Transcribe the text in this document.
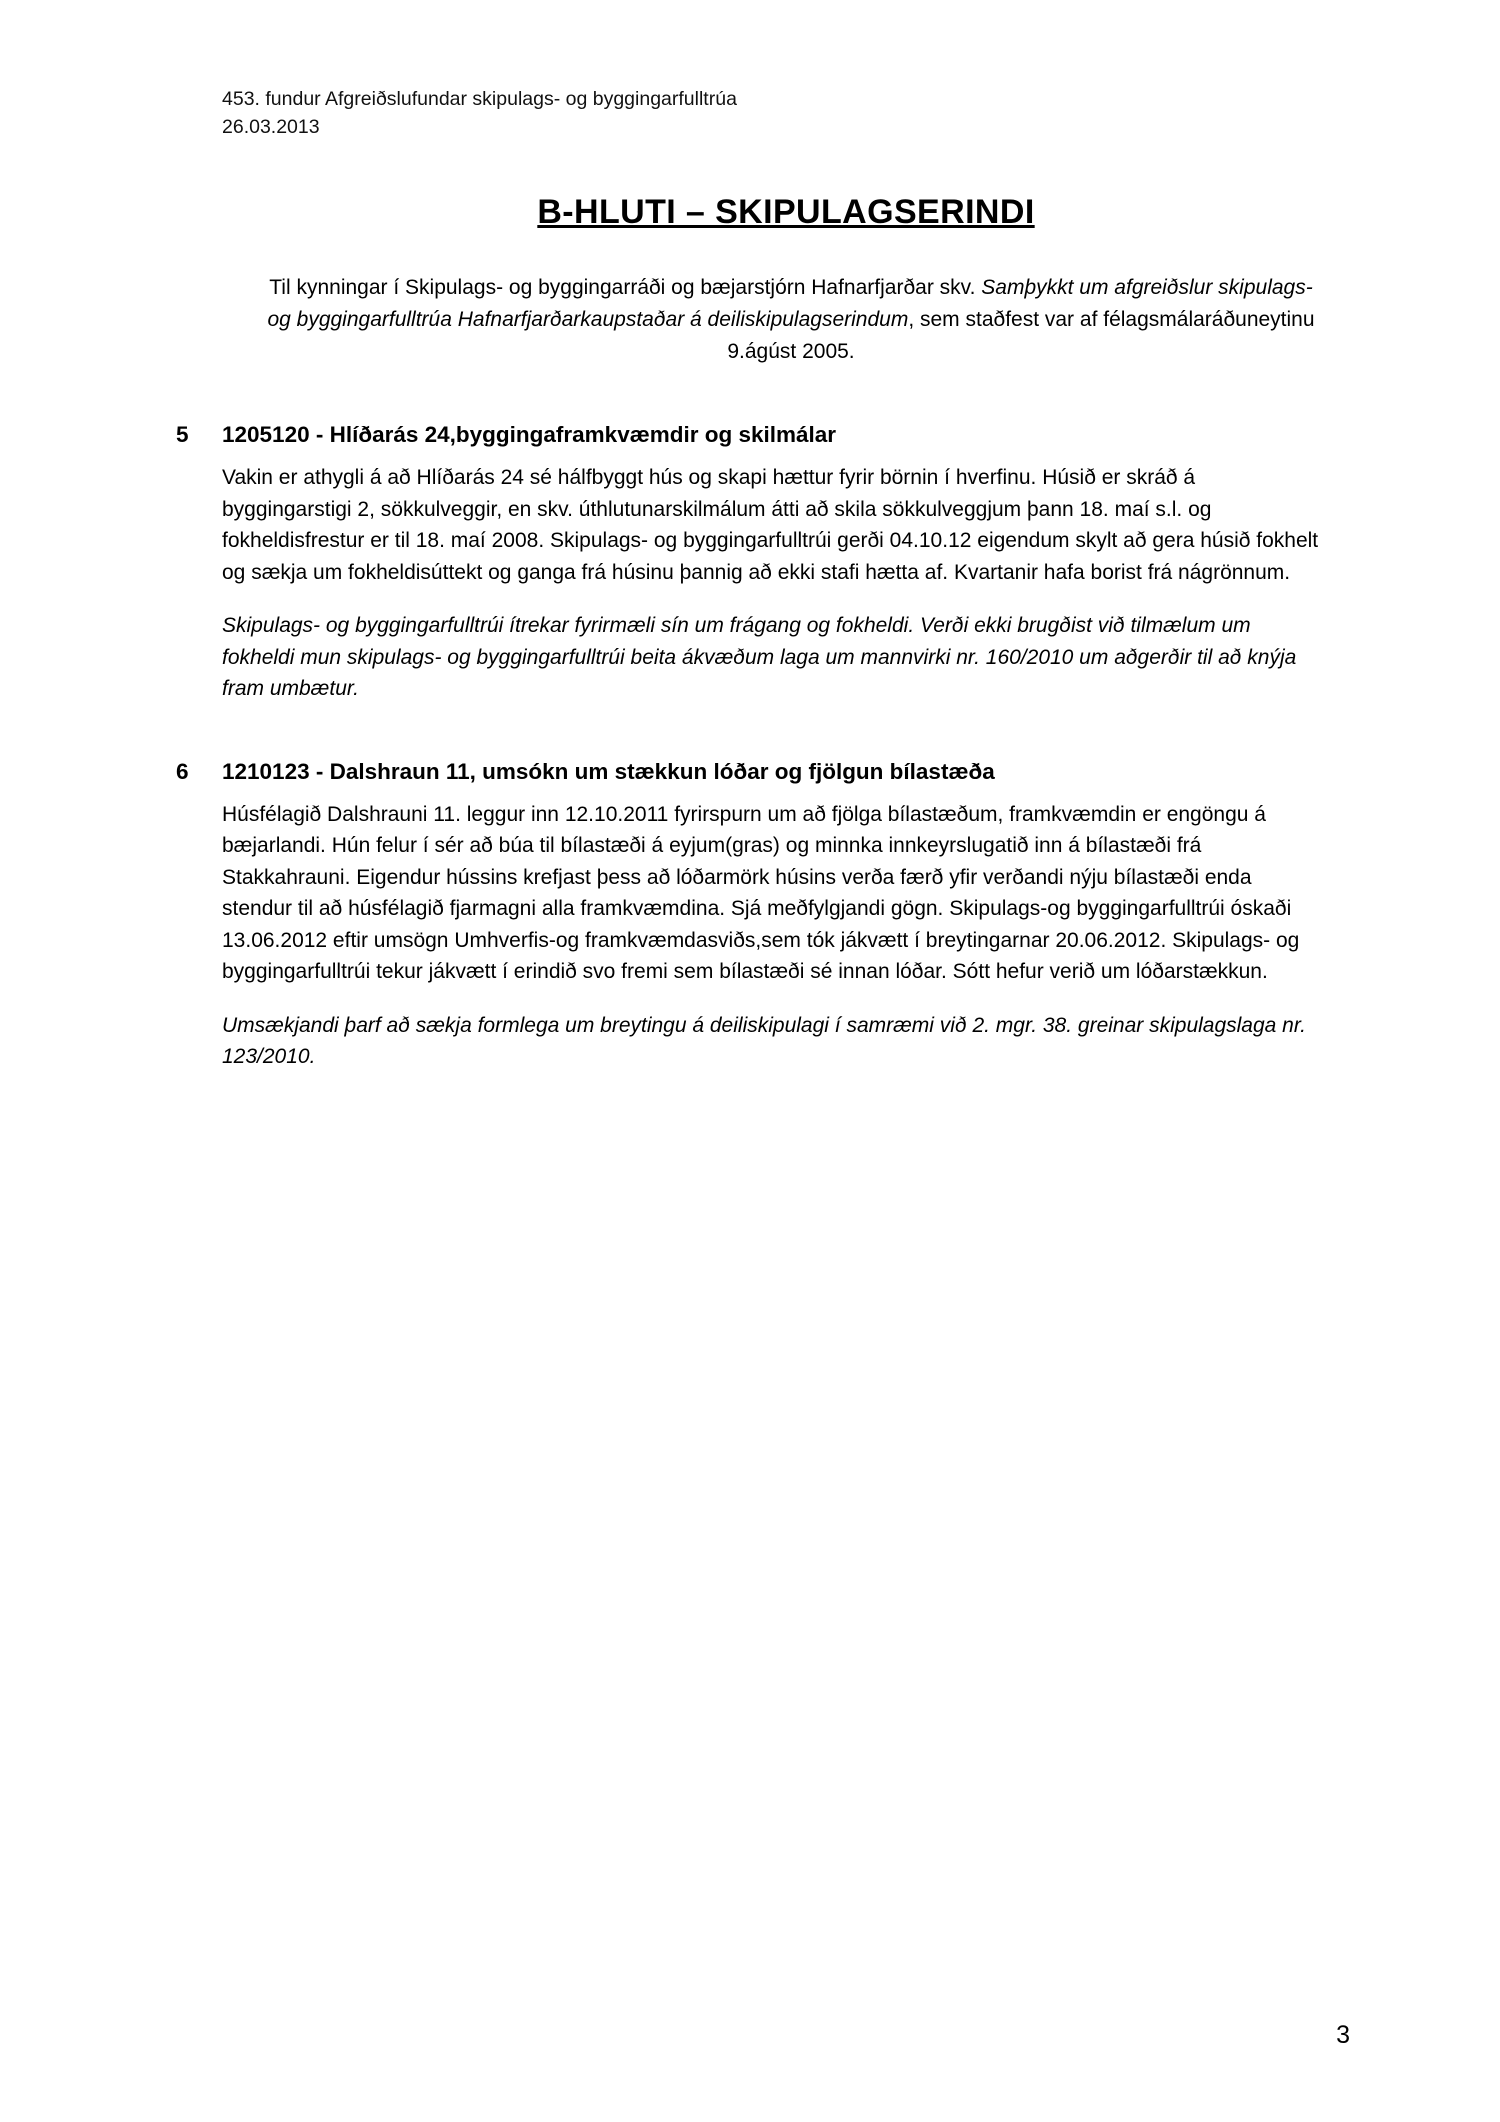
453. fundur Afgreiðslufundar skipulags- og byggingarfulltrúa
26.03.2013
B-HLUTI – SKIPULAGSERINDI
Til kynningar í Skipulags- og byggingarráði og bæjarstjórn Hafnarfjarðar skv. Samþykkt um afgreiðslur skipulags- og byggingarfulltrúa Hafnarfjarðarkaupstaðar á deiliskipulagserindum, sem staðfest var af félagsmálaráðuneytinu 9.ágúst 2005.
5	1205120 - Hlíðarás 24,byggingaframkvæmdir og skilmálar

Vakin er athygli á að Hlíðarás 24 sé hálfbyggt hús og skapi hættur fyrir börnin í hverfinu. Húsið er skráð á byggingarstigi 2, sökkulveggir, en skv. úthlutunarskilmálum átti að skila sökkulveggjum þann 18. maí s.l. og fokheldisfrestur er til 18. maí 2008. Skipulags- og byggingarfulltrúi gerði 04.10.12 eigendum skylt að gera húsið fokhelt og sækja um fokheldisúttekt og ganga frá húsinu þannig að ekki stafi hætta af. Kvartanir hafa borist frá nágrönnum.

Skipulags- og byggingarfulltrúi ítrekar fyrirmæli sín um frágang og fokheldi. Verði ekki brugðist við tilmælum um fokheldi mun skipulags- og byggingarfulltrúi beita ákvæðum laga um mannvirki nr. 160/2010 um aðgerðir til að knýja fram umbætur.

6	1210123 - Dalshraun 11, umsókn um stækkun lóðar og fjölgun bílastæða

Húsfélagið Dalshrauni 11. leggur inn 12.10.2011 fyrirspurn um að fjölga bílastæðum, framkvæmdin er engöngu á bæjarlandi. Hún felur í sér að búa til bílastæði á eyjum(gras) og minnka innkeyrslugatið inn á bílastæði frá Stakkahrauni. Eigendur hússins krefjast þess að lóðarmörk húsins verða færð yfir verðandi nýju bílastæði enda stendur til að húsfélagið fjarmagni alla framkvæmdina. Sjá meðfylgjandi gögn. Skipulags-og byggingarfulltrúi óskaði 13.06.2012 eftir umsögn Umhverfis-og framkvæmdasviðs,sem tók jákvætt í breytingarnar 20.06.2012. Skipulags- og byggingarfulltrúi tekur jákvætt í erindið svo fremi sem bílastæði sé innan lóðar. Sótt hefur verið um lóðarstækkun.

Umsækjandi þarf að sækja formlega um breytingu á deiliskipulagi í samræmi við 2. mgr. 38. greinar skipulagslaga nr. 123/2010.

3
